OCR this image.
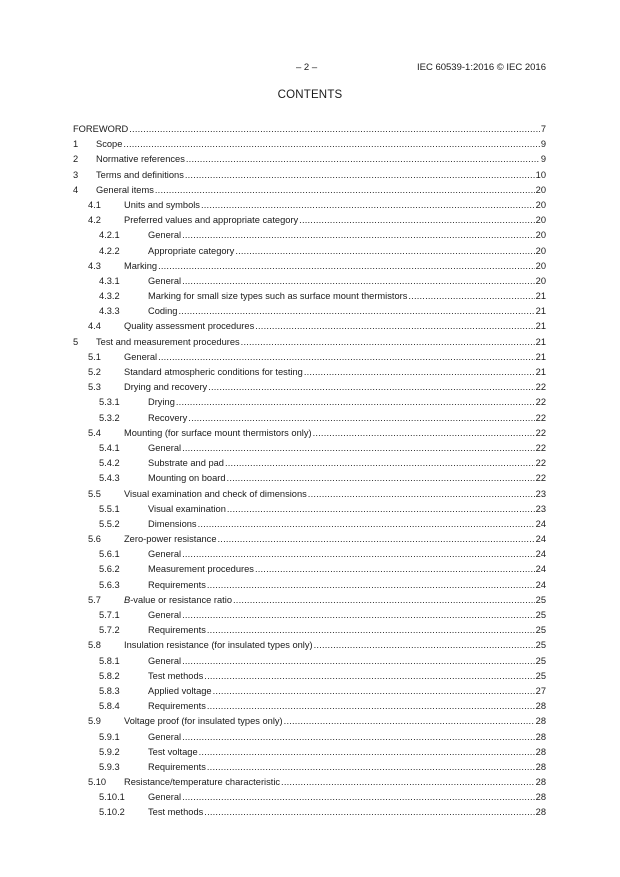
– 2 –	IEC 60539-1:2016 © IEC 2016
CONTENTS
FOREWORD .....	7
1 Scope .....	9
2 Normative references .....	9
3 Terms and definitions .....	10
4 General items .....	20
4.1 Units and symbols .....	20
4.2 Preferred values and appropriate category .....	20
4.2.1	General .....	20
4.2.2	Appropriate category .....	20
4.3 Marking .....	20
4.3.1	General .....	20
4.3.2	Marking for small size types such as surface mount thermistors .....	21
4.3.3	Coding .....	21
4.4 Quality assessment procedures .....	21
5 Test and measurement procedures .....	21
5.1 General .....	21
5.2 Standard atmospheric conditions for testing .....	21
5.3 Drying and recovery .....	22
5.3.1	Drying .....	22
5.3.2	Recovery .....	22
5.4 Mounting (for surface mount thermistors only) .....	22
5.4.1	General .....	22
5.4.2	Substrate and pad .....	22
5.4.3	Mounting on board .....	22
5.5 Visual examination and check of dimensions .....	23
5.5.1	Visual examination .....	23
5.5.2	Dimensions .....	24
5.6 Zero-power resistance .....	24
5.6.1	General .....	24
5.6.2	Measurement procedures .....	24
5.6.3	Requirements .....	24
5.7 B-value or resistance ratio .....	25
5.7.1	General .....	25
5.7.2	Requirements .....	25
5.8 Insulation resistance (for insulated types only) .....	25
5.8.1	General .....	25
5.8.2	Test methods .....	25
5.8.3	Applied voltage .....	27
5.8.4	Requirements .....	28
5.9 Voltage proof (for insulated types only) .....	28
5.9.1	General .....	28
5.9.2	Test voltage .....	28
5.9.3	Requirements .....	28
5.10 Resistance/temperature characteristic .....	28
5.10.1 General .....	28
5.10.2 Test methods .....	28
